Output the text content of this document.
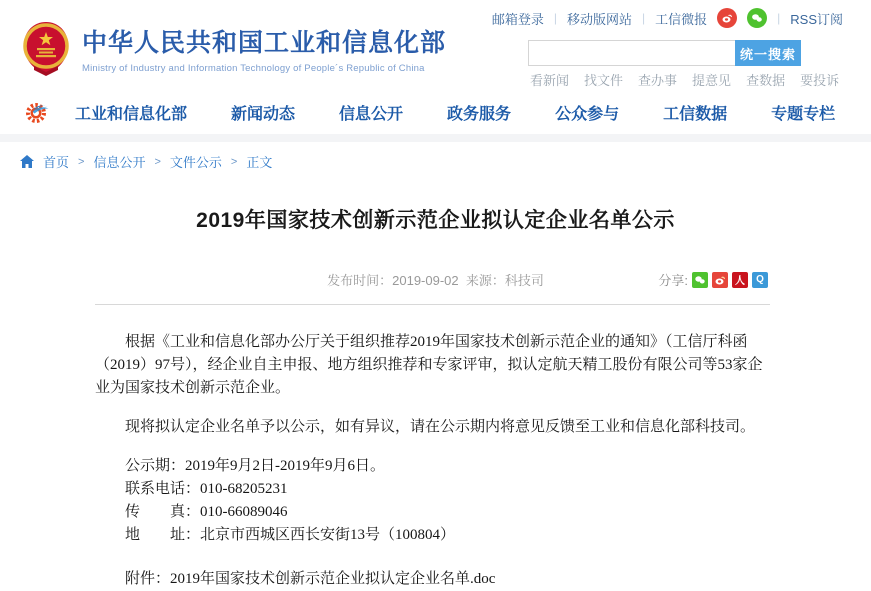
邮箱登录 | 移动版网站 | 工信微报	| RSS订阅
中华人民共和国工业和信息化部
Ministry of Industry and Information Technology of People´s Republic of China
统一搜索
看新闻 找文件 查办事 提意见 查数据 要投诉
工业和信息化部	新闻动态	信息公开	政务服务	公众参与	工信数据	专题专栏
首页 > 信息公开 > 文件公示 > 正文
2019年国家技术创新示范企业拟认定企业名单公示
发布时间：2019-09-02 来源：科技司	分享:	人	Q

根据《工业和信息化部办公厅关于组织推荐2019年国家技术创新示范企业的通知》（工信厅科函（2019）97号），经企业自主申报、地方组织推荐和专家评审，拟认定航天精工股份有限公司等53家企业为国家技术创新示范企业。

现将拟认定企业名单予以公示，如有异议，请在公示期内将意见反馈至工业和信息化部科技司。

公示期：2019年9月2日-2019年9月6日。

联系电话：010-68205231

传　　真：010-66089046

地　　址：北京市西城区西长安街13号（100804）

附件：2019年国家技术创新示范企业拟认定企业名单.doc
